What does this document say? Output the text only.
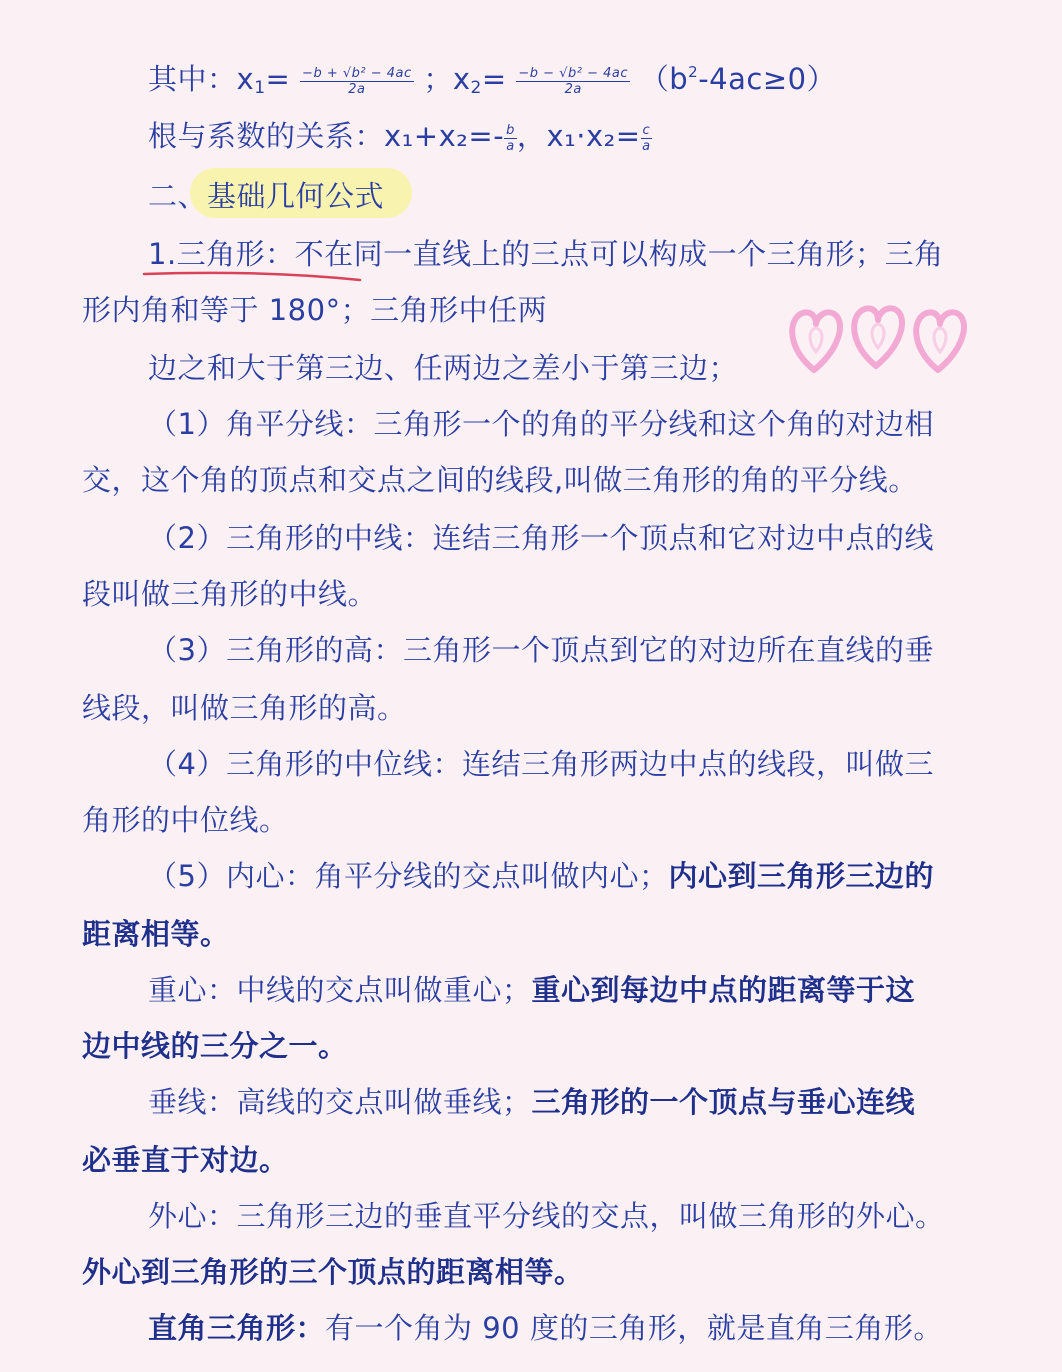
其中：$x_1= \frac{\text{−b + √b² − 4ac}}{2a}$ ；$x_2= \frac{\text{−b − √b² − 4ac}}{2a} (b^2-4ac\ge 0)$
根与系数的关系：$x_1+x_2=- \frac{b}{a}$ ，$x_1\cdot x_2= \frac{c}{a}$
二、基础几何公式
1.三角形：不在同一直线上的三点可以构成一个三角形；三角
形内角和等于 180°；三角形中任两
边之和大于第三边、任两边之差小于第三边；
（1）角平分线：三角形一个的角的平分线和这个角的对边相
交，这个角的顶点和交点之间的线段,叫做三角形的角的平分线。
（2）三角形的中线：连结三角形一个顶点和它对边中点的线
段叫做三角形的中线。
（3）三角形的高：三角形一个顶点到它的对边所在直线的垂
线段，叫做三角形的高。
（4）三角形的中位线：连结三角形两边中点的线段，叫做三
角形的中位线。
（5）内心：角平分线的交点叫做内心；内心到三角形三边的
距离相等。
重心：中线的交点叫做重心；重心到每边中点的距离等于这
边中线的三分之一。
垂线：高线的交点叫做垂线；三角形的一个顶点与垂心连线
必垂直于对边。
外心：三角形三边的垂直平分线的交点，叫做三角形的外心。
外心到三角形的三个顶点的距离相等。
直角三角形：有一个角为 90 度的三角形，就是直角三角形。
